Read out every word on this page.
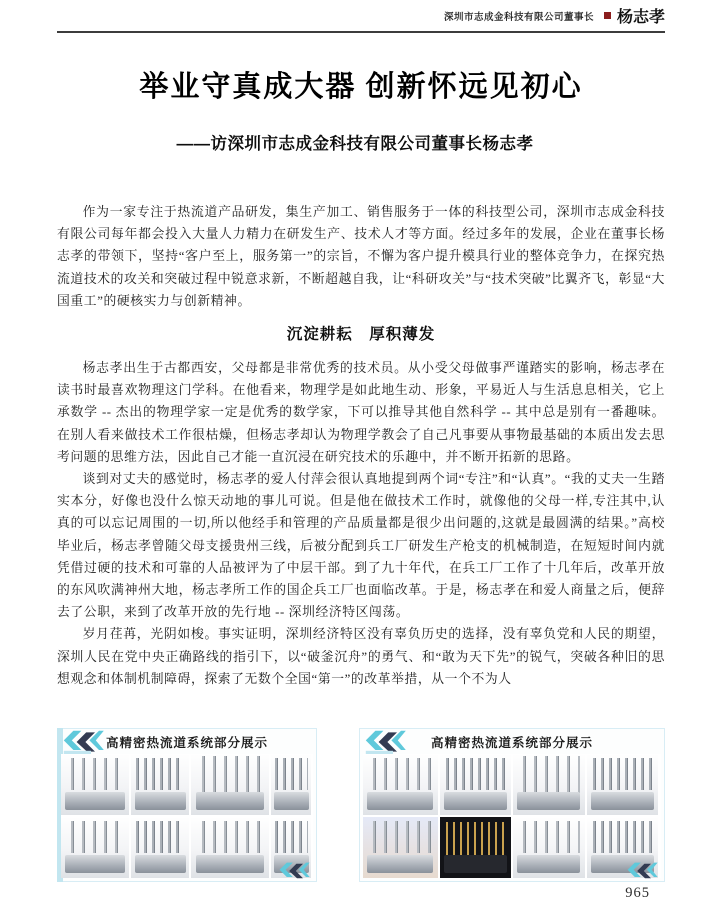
深圳市志成金科技有限公司董事长 杨志孝
举业守真成大器 创新怀远见初心
——访深圳市志成金科技有限公司董事长杨志孝

作为一家专注于热流道产品研发，集生产加工、销售服务于一体的科技型公司，深圳市志成金科技有限公司每年都会投入大量人力精力在研发生产、技术人才等方面。经过多年的发展，企业在董事长杨志孝的带领下，坚持“客户至上，服务第一”的宗旨，不懈为客户提升模具行业的整体竞争力，在探究热流道技术的攻关和突破过程中锐意求新，不断超越自我，让“科研攻关”与“技术突破”比翼齐飞，彰显“大国重工”的硬核实力与创新精神。

沉淀耕耘　厚积薄发

杨志孝出生于古都西安，父母都是非常优秀的技术员。从小受父母做事严谨踏实的影响，杨志孝在读书时最喜欢物理这门学科。在他看来，物理学是如此地生动、形象，平易近人与生活息息相关，它上承数学 -- 杰出的物理学家一定是优秀的数学家，下可以推导其他自然科学 -- 其中总是别有一番趣味。在别人看来做技术工作很枯燥，但杨志孝却认为物理学教会了自己凡事要从事物最基础的本质出发去思考问题的思维方法，因此自己才能一直沉浸在研究技术的乐趣中，并不断开拓新的思路。

谈到对丈夫的感觉时，杨志孝的爱人付萍会很认真地提到两个词“专注”和“认真”。“我的丈夫一生踏实本分，好像也没什么惊天动地的事儿可说。但是他在做技术工作时，就像他的父母一样,专注其中,认真的可以忘记周围的一切,所以他经手和管理的产品质量都是很少出问题的,这就是最圆满的结果。”高校毕业后，杨志孝曾随父母支援贵州三线，后被分配到兵工厂研发生产枪支的机械制造，在短短时间内就凭借过硬的技术和可靠的人品被评为了中层干部。到了九十年代，在兵工厂工作了十几年后，改革开放的东风吹满神州大地，杨志孝所工作的国企兵工厂也面临改革。于是，杨志孝在和爱人商量之后，便辞去了公职，来到了改革开放的先行地 -- 深圳经济特区闯荡。

岁月荏苒，光阴如梭。事实证明，深圳经济特区没有辜负历史的选择，没有辜负党和人民的期望，深圳人民在党中央正确路线的指引下，以“破釜沉舟”的勇气、和“敢为天下先”的锐气，突破各种旧的思想观念和体制机制障碍，探索了无数个全国“第一”的改革举措，从一个不为人

高精密热流道系统部分展示	高精密热流道系统部分展示
965
